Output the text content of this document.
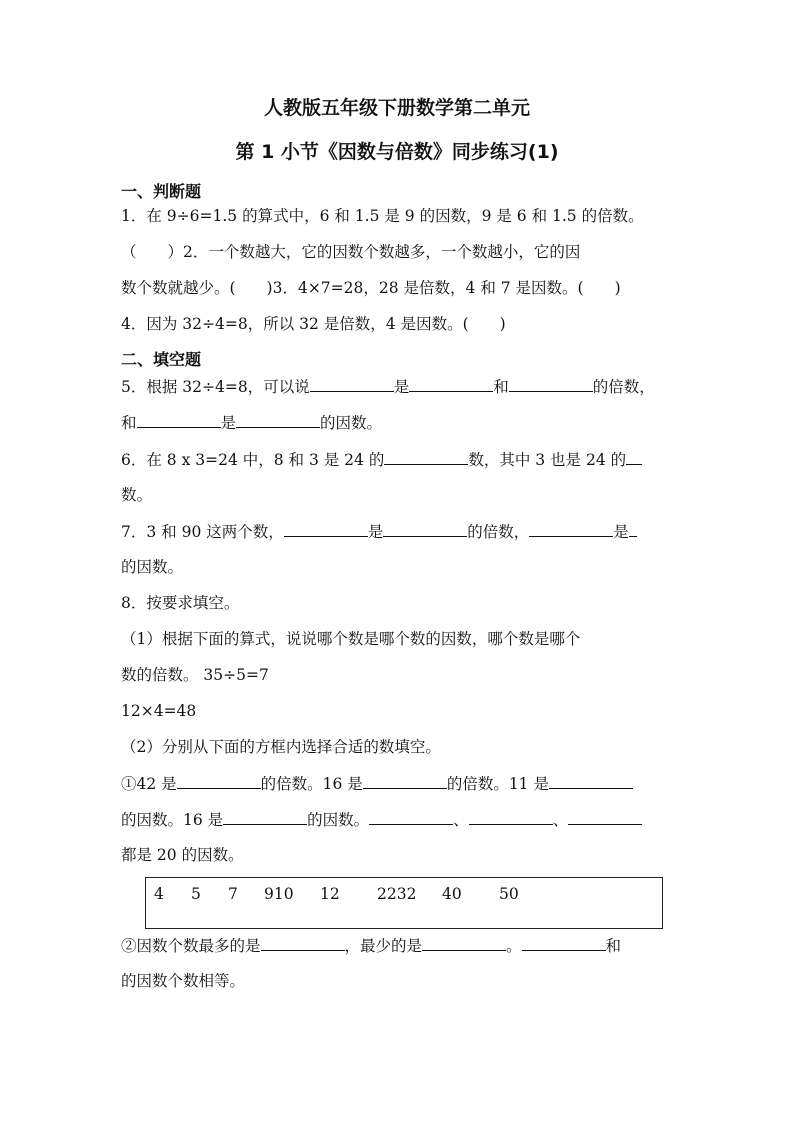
人教版五年级下册数学第二单元
第 1 小节《因数与倍数》同步练习(1)
一、判断题
1．在 9÷6=1.5 的算式中，6 和 1.5 是 9 的因数，9 是 6 和 1.5 的倍数。
（　　）2．一个数越大，它的因数个数越多，一个数越小，它的因
数个数就越少。(　　)3．4×7=28，28 是倍数，4 和 7 是因数。(　　)
4．因为 32÷4=8，所以 32 是倍数，4 是因数。(　　)
二、填空题
5．根据 32÷4=8，可以说	是	和	的倍数，
和	是	的因数。
6．在 8 x 3=24 中，8 和 3 是 24 的	数，其中 3 也是 24 的
数。
7．3 和 90 这两个数，	是	的倍数，	是
的因数。
8．按要求填空。
（1）根据下面的算式，说说哪个数是哪个数的因数，哪个数是哪个
数的倍数。 35÷5=7
12×4=48
（2）分别从下面的方框内选择合适的数填空。
①42 是	的倍数。16 是	的倍数。11 是
的因数。16 是	的因数。	、	、
都是 20 的因数。
4 5 7 910 12 2232 40 50
②因数个数最多的是	，最少的是	。	和
的因数个数相等。
